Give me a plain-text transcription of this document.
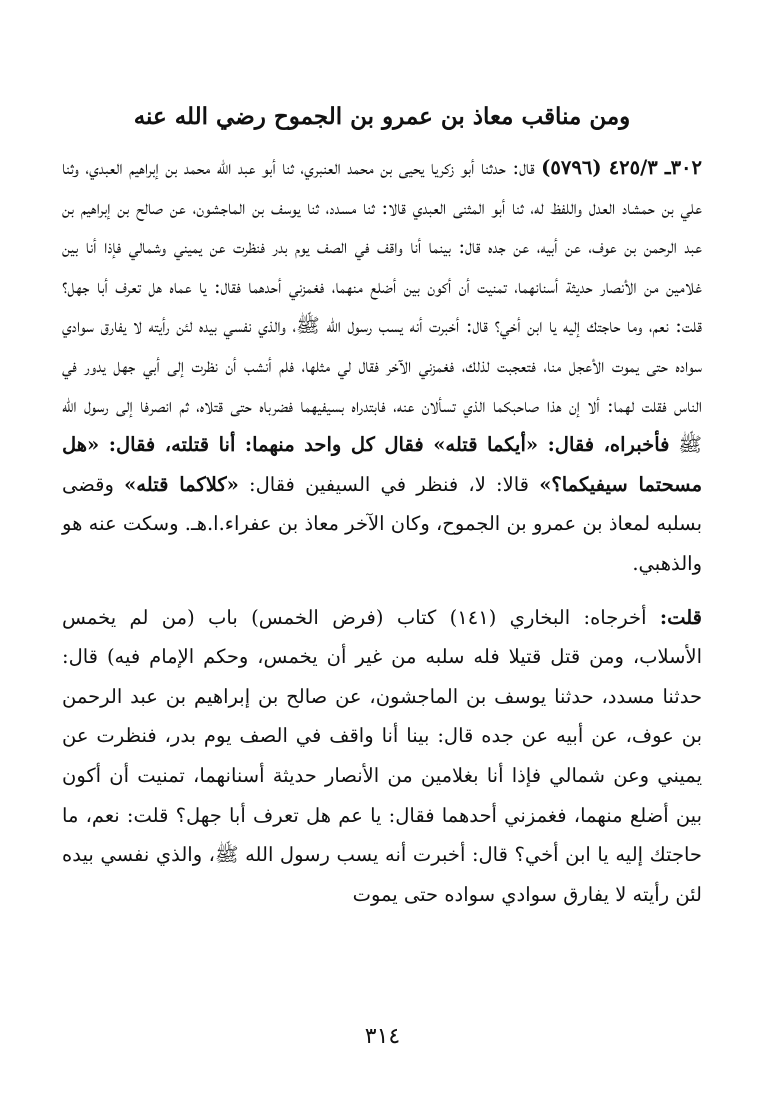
ومن مناقب معاذ بن عمرو بن الجموح رضي الله عنه

٣٠٢ـ ٤٢٥/٣ (٥٧٩٦) قال: حدثنا أبو زكريا يحيى بن محمد العنبري، ثنا أبو عبد الله محمد بن إبراهيم العبدي، وثنا علي بن حمشاد العدل واللفظ له، ثنا أبو المثنى العبدي قالا: ثنا مسدد، ثنا يوسف بن الماجشون، عن صالح بن إبراهيم بن عبد الرحمن بن عوف، عن أبيه، عن جده قال: بينما أنا واقف في الصف يوم بدر فنظرت عن يميني وشمالي فإذا أنا بين غلامين من الأنصار حديثة أسنانهما، تمنيت أن أكون بين أضلع منهما، فغمزني أحدهما فقال: يا عماه هل تعرف أبا جهل؟ قلت: نعم، وما حاجتك إليه يا ابن أخي؟ قال: أخبرت أنه يسب رسول الله ﷺ، والذي نفسي بيده لئن رأيته لا يفارق سوادي سواده حتى يموت الأعجل منا، فتعجبت لذلك، فغمزني الآخر فقال لي مثلها، فلم أنشب أن نظرت إلى أبي جهل يدور في الناس فقلت لهما: ألا إن هذا صاحبكما الذي تسألان عنه، فابتدراه بسيفيهما فضرباه حتى قتلاه، ثم انصرفا إلى رسول الله ﷺ فأخبراه، فقال: «أيكما قتله» فقال كل واحد منهما: أنا قتلته، فقال: «هل مسحتما سيفيكما؟» قالا: لا، فنظر في السيفين فقال: «كلاكما قتله» وقضى بسلبه لمعاذ بن عمرو بن الجموح، وكان الآخر معاذ بن عفراء.ا.هـ. وسكت عنه هو والذهبي.

قلت: أخرجاه: البخاري (١٤١) كتاب (فرض الخمس) باب (من لم يخمس الأسلاب، ومن قتل قتيلا فله سلبه من غير أن يخمس، وحكم الإمام فيه) قال: حدثنا مسدد، حدثنا يوسف بن الماجشون، عن صالح بن إبراهيم بن عبد الرحمن بن عوف، عن أبيه عن جده قال: بينا أنا واقف في الصف يوم بدر، فنظرت عن يميني وعن شمالي فإذا أنا بغلامين من الأنصار حديثة أسنانهما، تمنيت أن أكون بين أضلع منهما، فغمزني أحدهما فقال: يا عم هل تعرف أبا جهل؟ قلت: نعم، ما حاجتك إليه يا ابن أخي؟ قال: أخبرت أنه يسب رسول الله ﷺ، والذي نفسي بيده لئن رأيته لا يفارق سوادي سواده حتى يموت

٣١٤
